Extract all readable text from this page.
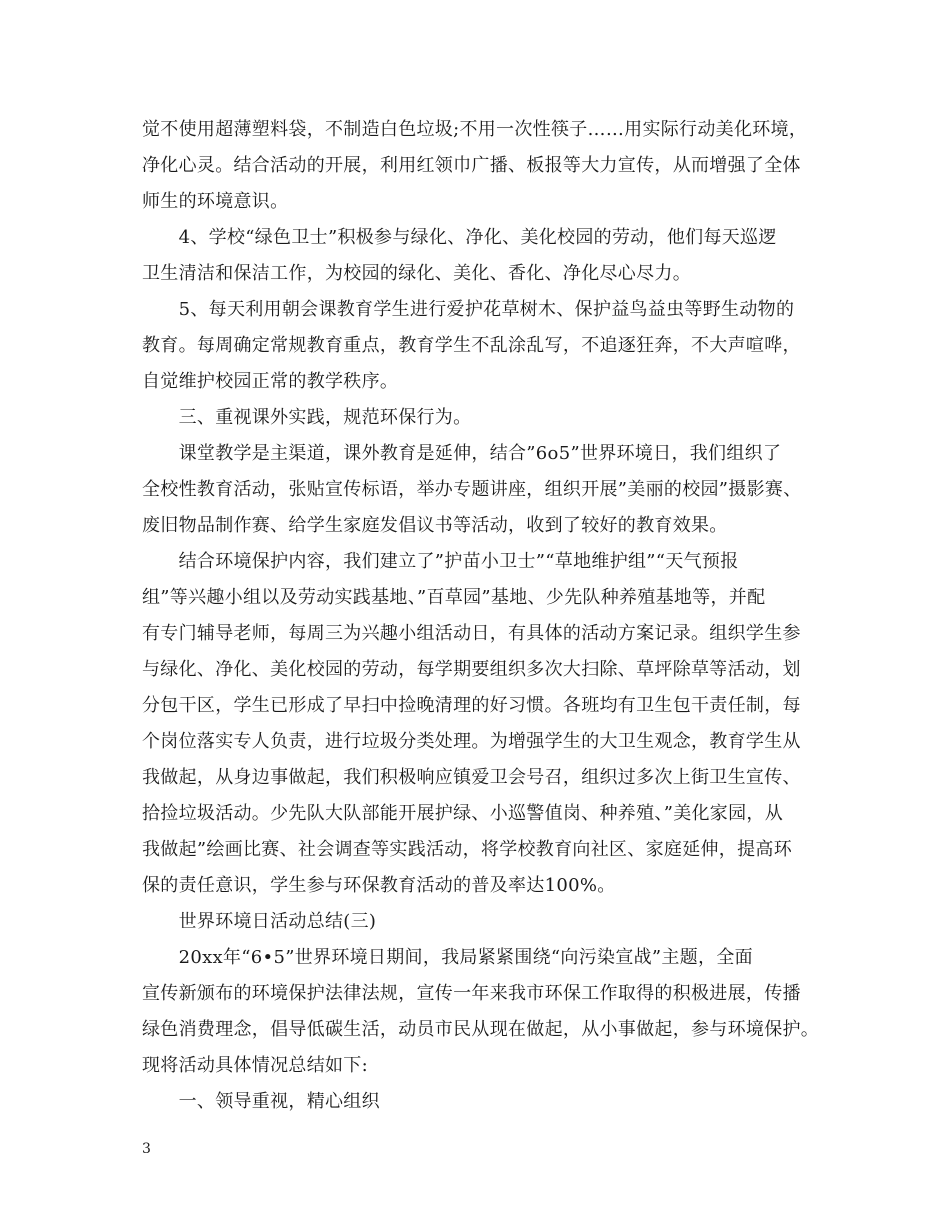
觉不使用超薄塑料袋，不制造白色垃圾;不用一次性筷子……用实际行动美化环境，
净化心灵。结合活动的开展，利用红领巾广播、板报等大力宣传，从而增强了全体
师生的环境意识。
　　4、学校“绿色卫士”积极参与绿化、净化、美化校园的劳动，他们每天巡逻
卫生清洁和保洁工作，为校园的绿化、美化、香化、净化尽心尽力。
　　5、每天利用朝会课教育学生进行爱护花草树木、保护益鸟益虫等野生动物的
教育。每周确定常规教育重点，教育学生不乱涂乱写，不追逐狂奔，不大声喧哗，
自觉维护校园正常的教学秩序。
　　三、重视课外实践，规范环保行为。
　　课堂教学是主渠道，课外教育是延伸，结合”6o5”世界环境日，我们组织了
全校性教育活动，张贴宣传标语，举办专题讲座，组织开展”美丽的校园”摄影赛、
废旧物品制作赛、给学生家庭发倡议书等活动，收到了较好的教育效果。
　　结合环境保护内容，我们建立了”护苗小卫士”“草地维护组”“天气预报
组”等兴趣小组以及劳动实践基地、”百草园”基地、少先队种养殖基地等，并配
有专门辅导老师，每周三为兴趣小组活动日，有具体的活动方案记录。组织学生参
与绿化、净化、美化校园的劳动，每学期要组织多次大扫除、草坪除草等活动，划
分包干区，学生已形成了早扫中捡晚清理的好习惯。各班均有卫生包干责任制，每
个岗位落实专人负责，进行垃圾分类处理。为增强学生的大卫生观念，教育学生从
我做起，从身边事做起，我们积极响应镇爱卫会号召，组织过多次上街卫生宣传、
拾捡垃圾活动。少先队大队部能开展护绿、小巡警值岗、种养殖、”美化家园，从
我做起”绘画比赛、社会调查等实践活动，将学校教育向社区、家庭延伸，提高环
保的责任意识，学生参与环保教育活动的普及率达100%。
　　世界环境日活动总结(三)
　　20xx年“6•5”世界环境日期间，我局紧紧围绕“向污染宣战”主题，全面
宣传新颁布的环境保护法律法规，宣传一年来我市环保工作取得的积极进展，传播
绿色消费理念，倡导低碳生活，动员市民从现在做起，从小事做起，参与环境保护。
现将活动具体情况总结如下:
　　一、领导重视，精心组织
3
